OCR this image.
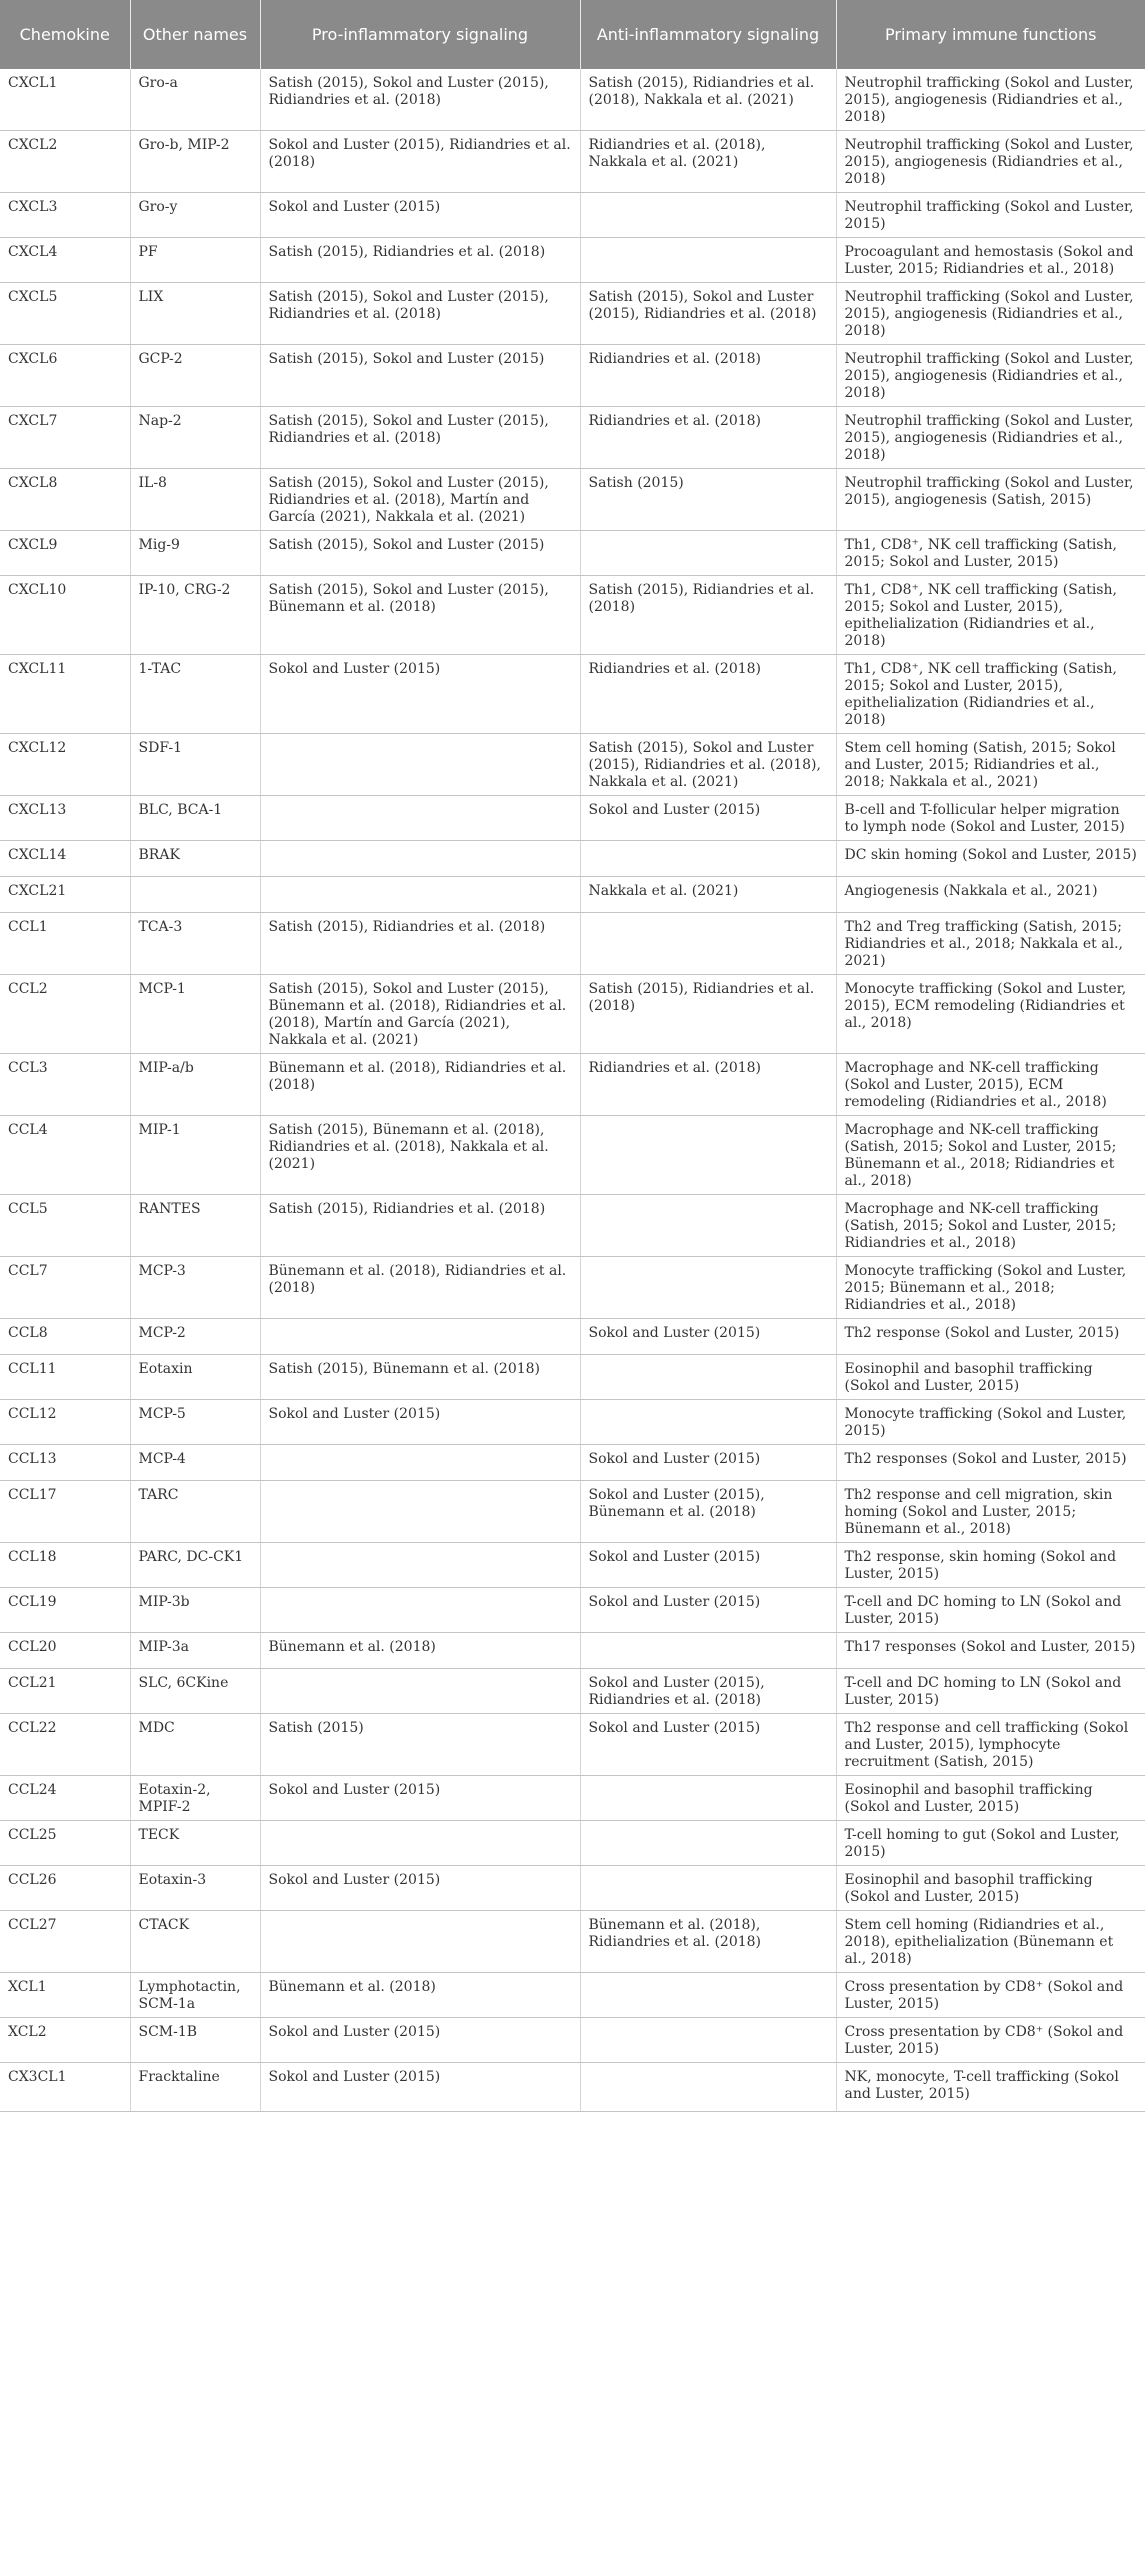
Chemokine	Other names	Pro-inflammatory signaling	Anti-inflammatory signaling	Primary immune functions
CXCL1	Gro-a	Satish (2015), Sokol and Luster (2015), Ridiandries et al. (2018)	Satish (2015), Ridiandries et al. (2018), Nakkala et al. (2021)	Neutrophil trafficking (Sokol and Luster, 2015), angiogenesis (Ridiandries et al., 2018)
CXCL2	Gro-b, MIP-2	Sokol and Luster (2015), Ridiandries et al. (2018)	Ridiandries et al. (2018), Nakkala et al. (2021)	Neutrophil trafficking (Sokol and Luster, 2015), angiogenesis (Ridiandries et al., 2018)
CXCL3	Gro-y	Sokol and Luster (2015)		Neutrophil trafficking (Sokol and Luster, 2015)
CXCL4	PF	Satish (2015), Ridiandries et al. (2018)		Procoagulant and hemostasis (Sokol and Luster, 2015; Ridiandries et al., 2018)
CXCL5	LIX	Satish (2015), Sokol and Luster (2015), Ridiandries et al. (2018)	Satish (2015), Sokol and Luster (2015), Ridiandries et al. (2018)	Neutrophil trafficking (Sokol and Luster, 2015), angiogenesis (Ridiandries et al., 2018)
CXCL6	GCP-2	Satish (2015), Sokol and Luster (2015)	Ridiandries et al. (2018)	Neutrophil trafficking (Sokol and Luster, 2015), angiogenesis (Ridiandries et al., 2018)
CXCL7	Nap-2	Satish (2015), Sokol and Luster (2015), Ridiandries et al. (2018)	Ridiandries et al. (2018)	Neutrophil trafficking (Sokol and Luster, 2015), angiogenesis (Ridiandries et al., 2018)
CXCL8	IL-8	Satish (2015), Sokol and Luster (2015), Ridiandries et al. (2018), Martín and García (2021), Nakkala et al. (2021)	Satish (2015)	Neutrophil trafficking (Sokol and Luster, 2015), angiogenesis (Satish, 2015)
CXCL9	Mig-9	Satish (2015), Sokol and Luster (2015)		Th1, CD8⁺, NK cell trafficking (Satish, 2015; Sokol and Luster, 2015)
CXCL10	IP-10, CRG-2	Satish (2015), Sokol and Luster (2015), Bünemann et al. (2018)	Satish (2015), Ridiandries et al. (2018)	Th1, CD8⁺, NK cell trafficking (Satish, 2015; Sokol and Luster, 2015), epithelialization (Ridiandries et al., 2018)
CXCL11	1-TAC	Sokol and Luster (2015)	Ridiandries et al. (2018)	Th1, CD8⁺, NK cell trafficking (Satish, 2015; Sokol and Luster, 2015), epithelialization (Ridiandries et al., 2018)
CXCL12	SDF-1		Satish (2015), Sokol and Luster (2015), Ridiandries et al. (2018), Nakkala et al. (2021)	Stem cell homing (Satish, 2015; Sokol and Luster, 2015; Ridiandries et al., 2018; Nakkala et al., 2021)
CXCL13	BLC, BCA-1		Sokol and Luster (2015)	B-cell and T-follicular helper migration to lymph node (Sokol and Luster, 2015)
CXCL14	BRAK			DC skin homing (Sokol and Luster, 2015)
CXCL21			Nakkala et al. (2021)	Angiogenesis (Nakkala et al., 2021)
CCL1	TCA-3	Satish (2015), Ridiandries et al. (2018)		Th2 and Treg trafficking (Satish, 2015; Ridiandries et al., 2018; Nakkala et al., 2021)
CCL2	MCP-1	Satish (2015), Sokol and Luster (2015), Bünemann et al. (2018), Ridiandries et al. (2018), Martín and García (2021), Nakkala et al. (2021)	Satish (2015), Ridiandries et al. (2018)	Monocyte trafficking (Sokol and Luster, 2015), ECM remodeling (Ridiandries et al., 2018)
CCL3	MIP-a/b	Bünemann et al. (2018), Ridiandries et al. (2018)	Ridiandries et al. (2018)	Macrophage and NK-cell trafficking (Sokol and Luster, 2015), ECM remodeling (Ridiandries et al., 2018)
CCL4	MIP-1	Satish (2015), Bünemann et al. (2018), Ridiandries et al. (2018), Nakkala et al. (2021)		Macrophage and NK-cell trafficking (Satish, 2015; Sokol and Luster, 2015; Bünemann et al., 2018; Ridiandries et al., 2018)
CCL5	RANTES	Satish (2015), Ridiandries et al. (2018)		Macrophage and NK-cell trafficking (Satish, 2015; Sokol and Luster, 2015; Ridiandries et al., 2018)
CCL7	MCP-3	Bünemann et al. (2018), Ridiandries et al. (2018)		Monocyte trafficking (Sokol and Luster, 2015; Bünemann et al., 2018; Ridiandries et al., 2018)
CCL8	MCP-2		Sokol and Luster (2015)	Th2 response (Sokol and Luster, 2015)
CCL11	Eotaxin	Satish (2015), Bünemann et al. (2018)		Eosinophil and basophil trafficking (Sokol and Luster, 2015)
CCL12	MCP-5	Sokol and Luster (2015)		Monocyte trafficking (Sokol and Luster, 2015)
CCL13	MCP-4		Sokol and Luster (2015)	Th2 responses (Sokol and Luster, 2015)
CCL17	TARC		Sokol and Luster (2015), Bünemann et al. (2018)	Th2 response and cell migration, skin homing (Sokol and Luster, 2015; Bünemann et al., 2018)
CCL18	PARC, DC-CK1		Sokol and Luster (2015)	Th2 response, skin homing (Sokol and Luster, 2015)
CCL19	MIP-3b		Sokol and Luster (2015)	T-cell and DC homing to LN (Sokol and Luster, 2015)
CCL20	MIP-3a	Bünemann et al. (2018)		Th17 responses (Sokol and Luster, 2015)
CCL21	SLC, 6CKine		Sokol and Luster (2015), Ridiandries et al. (2018)	T-cell and DC homing to LN (Sokol and Luster, 2015)
CCL22	MDC	Satish (2015)	Sokol and Luster (2015)	Th2 response and cell trafficking (Sokol and Luster, 2015), lymphocyte recruitment (Satish, 2015)
CCL24	Eotaxin-2, MPIF-2	Sokol and Luster (2015)		Eosinophil and basophil trafficking (Sokol and Luster, 2015)
CCL25	TECK			T-cell homing to gut (Sokol and Luster, 2015)
CCL26	Eotaxin-3	Sokol and Luster (2015)		Eosinophil and basophil trafficking (Sokol and Luster, 2015)
CCL27	CTACK		Bünemann et al. (2018), Ridiandries et al. (2018)	Stem cell homing (Ridiandries et al., 2018), epithelialization (Bünemann et al., 2018)
XCL1	Lymphotactin, SCM-1a	Bünemann et al. (2018)		Cross presentation by CD8⁺ (Sokol and Luster, 2015)
XCL2	SCM-1B	Sokol and Luster (2015)		Cross presentation by CD8⁺ (Sokol and Luster, 2015)
CX3CL1	Fracktaline	Sokol and Luster (2015)		NK, monocyte, T-cell trafficking (Sokol and Luster, 2015)
